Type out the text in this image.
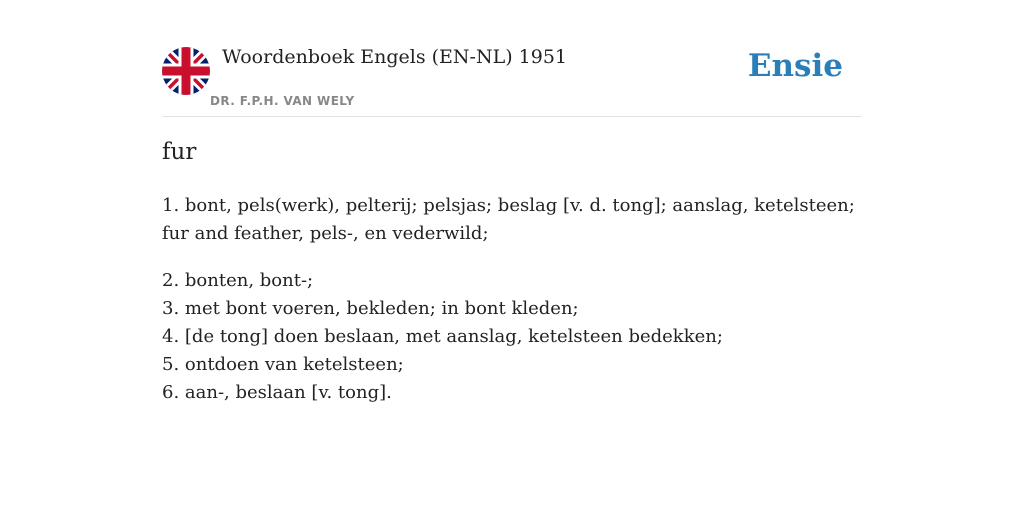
Woordenboek Engels (EN-NL) 1951
DR. F.P.H. VAN WELY
Ensie
fur

1. bont, pels(werk), pelterij; pelsjas; beslag [v. d. tong]; aanslag, ketelsteen; fur and feather, pels-, en vederwild;

2. bonten, bont-;

3. met bont voeren, bekleden; in bont kleden;

4. [de tong] doen beslaan, met aanslag, ketelsteen bedekken;

5. ontdoen van ketelsteen;

6. aan-, beslaan [v. tong].
